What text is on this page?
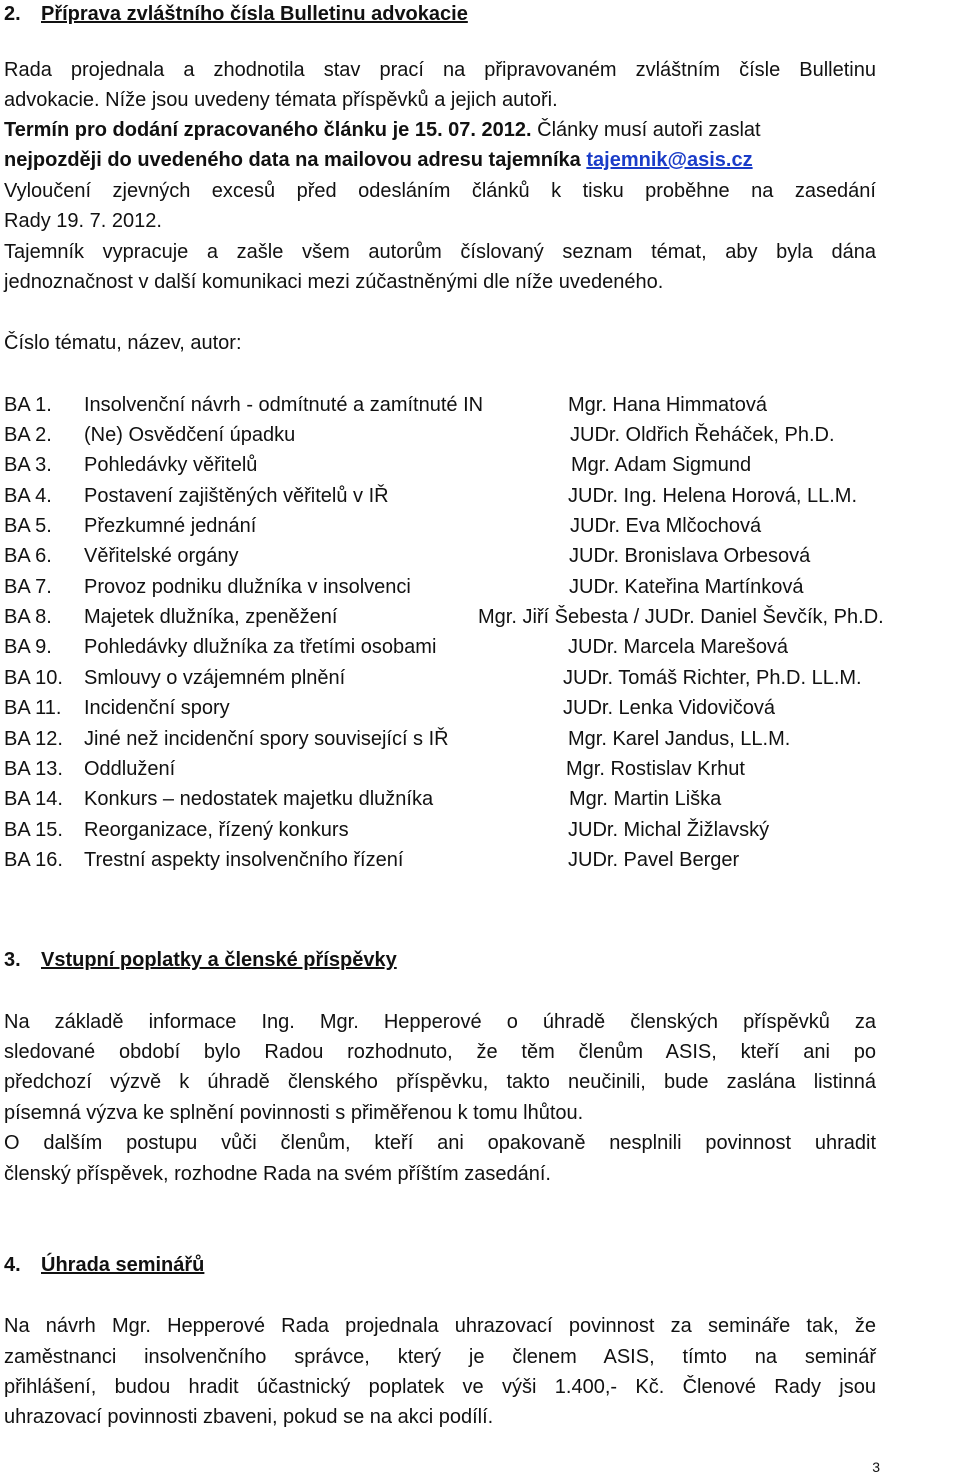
2. Příprava zvláštního čísla Bulletinu advokacie
Rada projednala a zhodnotila stav prací na připravovaném zvláštním čísle Bulletinu
advokacie. Níže jsou uvedeny témata příspěvků a jejich autoři.
Termín pro dodání zpracovaného článku je 15. 07. 2012. Články musí autoři zaslat
nejpozději do uvedeného data na mailovou adresu tajemníka tajemnik@asis.cz
Vyloučení zjevných excesů před odesláním článků k tisku proběhne na zasedání
Rady 19. 7. 2012.
Tajemník vypracuje a zašle všem autorům číslovaný seznam témat, aby byla dána
jednoznačnost v další komunikaci mezi zúčastněnými dle níže uvedeného.
Číslo tématu, název, autor:
BA 1. Insolvenční návrh - odmítnuté a zamítnuté IN	Mgr. Hana Himmatová
BA 2. (Ne) Osvědčení úpadku	JUDr. Oldřich Řeháček, Ph.D.
BA 3. Pohledávky věřitelů	Mgr. Adam Sigmund
BA 4. Postavení zajištěných věřitelů v IŘ	JUDr. Ing. Helena Horová, LL.M.
BA 5. Přezkumné jednání	JUDr. Eva Mlčochová
BA 6. Věřitelské orgány	JUDr. Bronislava Orbesová
BA 7. Provoz podniku dlužníka v insolvenci	JUDr. Kateřina Martínková
BA 8. Majetek dlužníka, zpeněžení	Mgr. Jiří Šebesta / JUDr. Daniel Ševčík, Ph.D.
BA 9. Pohledávky dlužníka za třetími osobami	JUDr. Marcela Marešová
BA 10. Smlouvy o vzájemném plnění	JUDr. Tomáš Richter, Ph.D. LL.M.
BA 11. Incidenční spory	JUDr. Lenka Vidovičová
BA 12. Jiné než incidenční spory související s IŘ	Mgr. Karel Jandus, LL.M.
BA 13. Oddlužení	Mgr. Rostislav Krhut
BA 14. Konkurs – nedostatek majetku dlužníka	Mgr. Martin Liška
BA 15. Reorganizace, řízený konkurs	JUDr. Michal Žižlavský
BA 16. Trestní aspekty insolvenčního řízení	JUDr. Pavel Berger
3. Vstupní poplatky a členské příspěvky
Na základě informace Ing. Mgr. Hepperové o úhradě členských příspěvků za
sledované období bylo Radou rozhodnuto, že těm členům ASIS, kteří ani po
předchozí výzvě k úhradě členského příspěvku, takto neučinili, bude zaslána listinná
písemná výzva ke splnění povinnosti s přiměřenou k tomu lhůtou.
O dalším postupu vůči členům, kteří ani opakovaně nesplnili povinnost uhradit
členský příspěvek, rozhodne Rada na svém příštím zasedání.
4. Úhrada seminářů
Na návrh Mgr. Hepperové Rada projednala uhrazovací povinnost za semináře tak, že
zaměstnanci insolvenčního správce, který je členem ASIS, tímto na seminář
přihlášení, budou hradit účastnický poplatek ve výši 1.400,- Kč. Členové Rady jsou
uhrazovací povinnosti zbaveni, pokud se na akci podílí.
3
